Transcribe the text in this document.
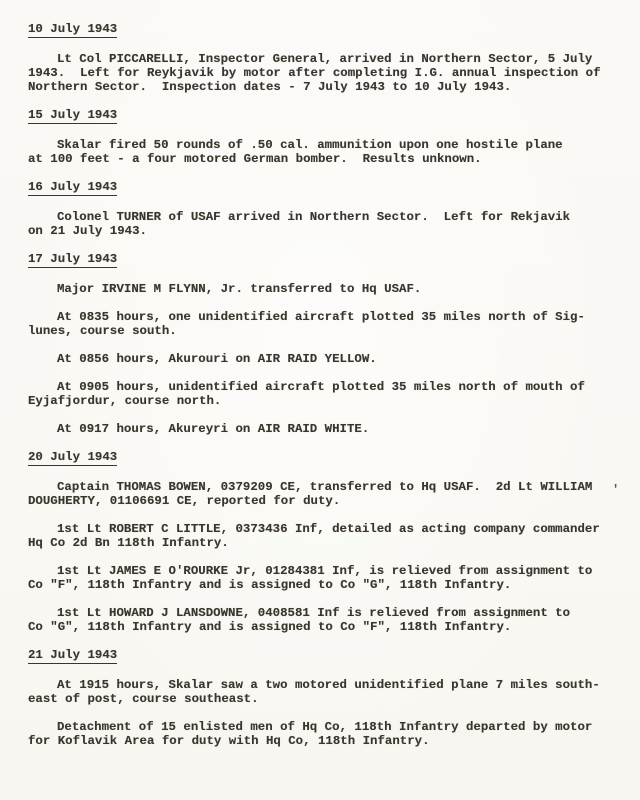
10 July 1943
Lt Col PICCARELLI, Inspector General, arrived in Northern Sector, 5 July
1943.  Left for Reykjavik by motor after completing I.G. annual inspection of
Northern Sector.  Inspection dates - 7 July 1943 to 10 July 1943.
15 July 1943
Skalar fired 50 rounds of .50 cal. ammunition upon one hostile plane
at 100 feet - a four motored German bomber.  Results unknown.
16 July 1943
Colonel TURNER of USAF arrived in Northern Sector.  Left for Rekjavik
on 21 July 1943.
17 July 1943
Major IRVINE M FLYNN, Jr. transferred to Hq USAF.
At 0835 hours, one unidentified aircraft plotted 35 miles north of Sig-
lunes, course south.
At 0856 hours, Akurouri on AIR RAID YELLOW.
At 0905 hours, unidentified aircraft plotted 35 miles north of mouth of
Eyjafjordur, course north.
At 0917 hours, Akureyri on AIR RAID WHITE.
20 July 1943
Captain THOMAS BOWEN, 0379209 CE, transferred to Hq USAF.  2d Lt WILLIAM
DOUGHERTY, 01106691 CE, reported for duty.
1st Lt ROBERT C LITTLE, 0373436 Inf, detailed as acting company commander
Hq Co 2d Bn 118th Infantry.
1st Lt JAMES E O'ROURKE Jr, 01284381 Inf, is relieved from assignment to
Co "F", 118th Infantry and is assigned to Co "G", 118th Infantry.
1st Lt HOWARD J LANSDOWNE, 0408581 Inf is relieved from assignment to
Co "G", 118th Infantry and is assigned to Co "F", 118th Infantry.
21 July 1943
At 1915 hours, Skalar saw a two motored unidentified plane 7 miles south-
east of post, course southeast.
Detachment of 15 enlisted men of Hq Co, 118th Infantry departed by motor
for Koflavik Area for duty with Hq Co, 118th Infantry.
'
